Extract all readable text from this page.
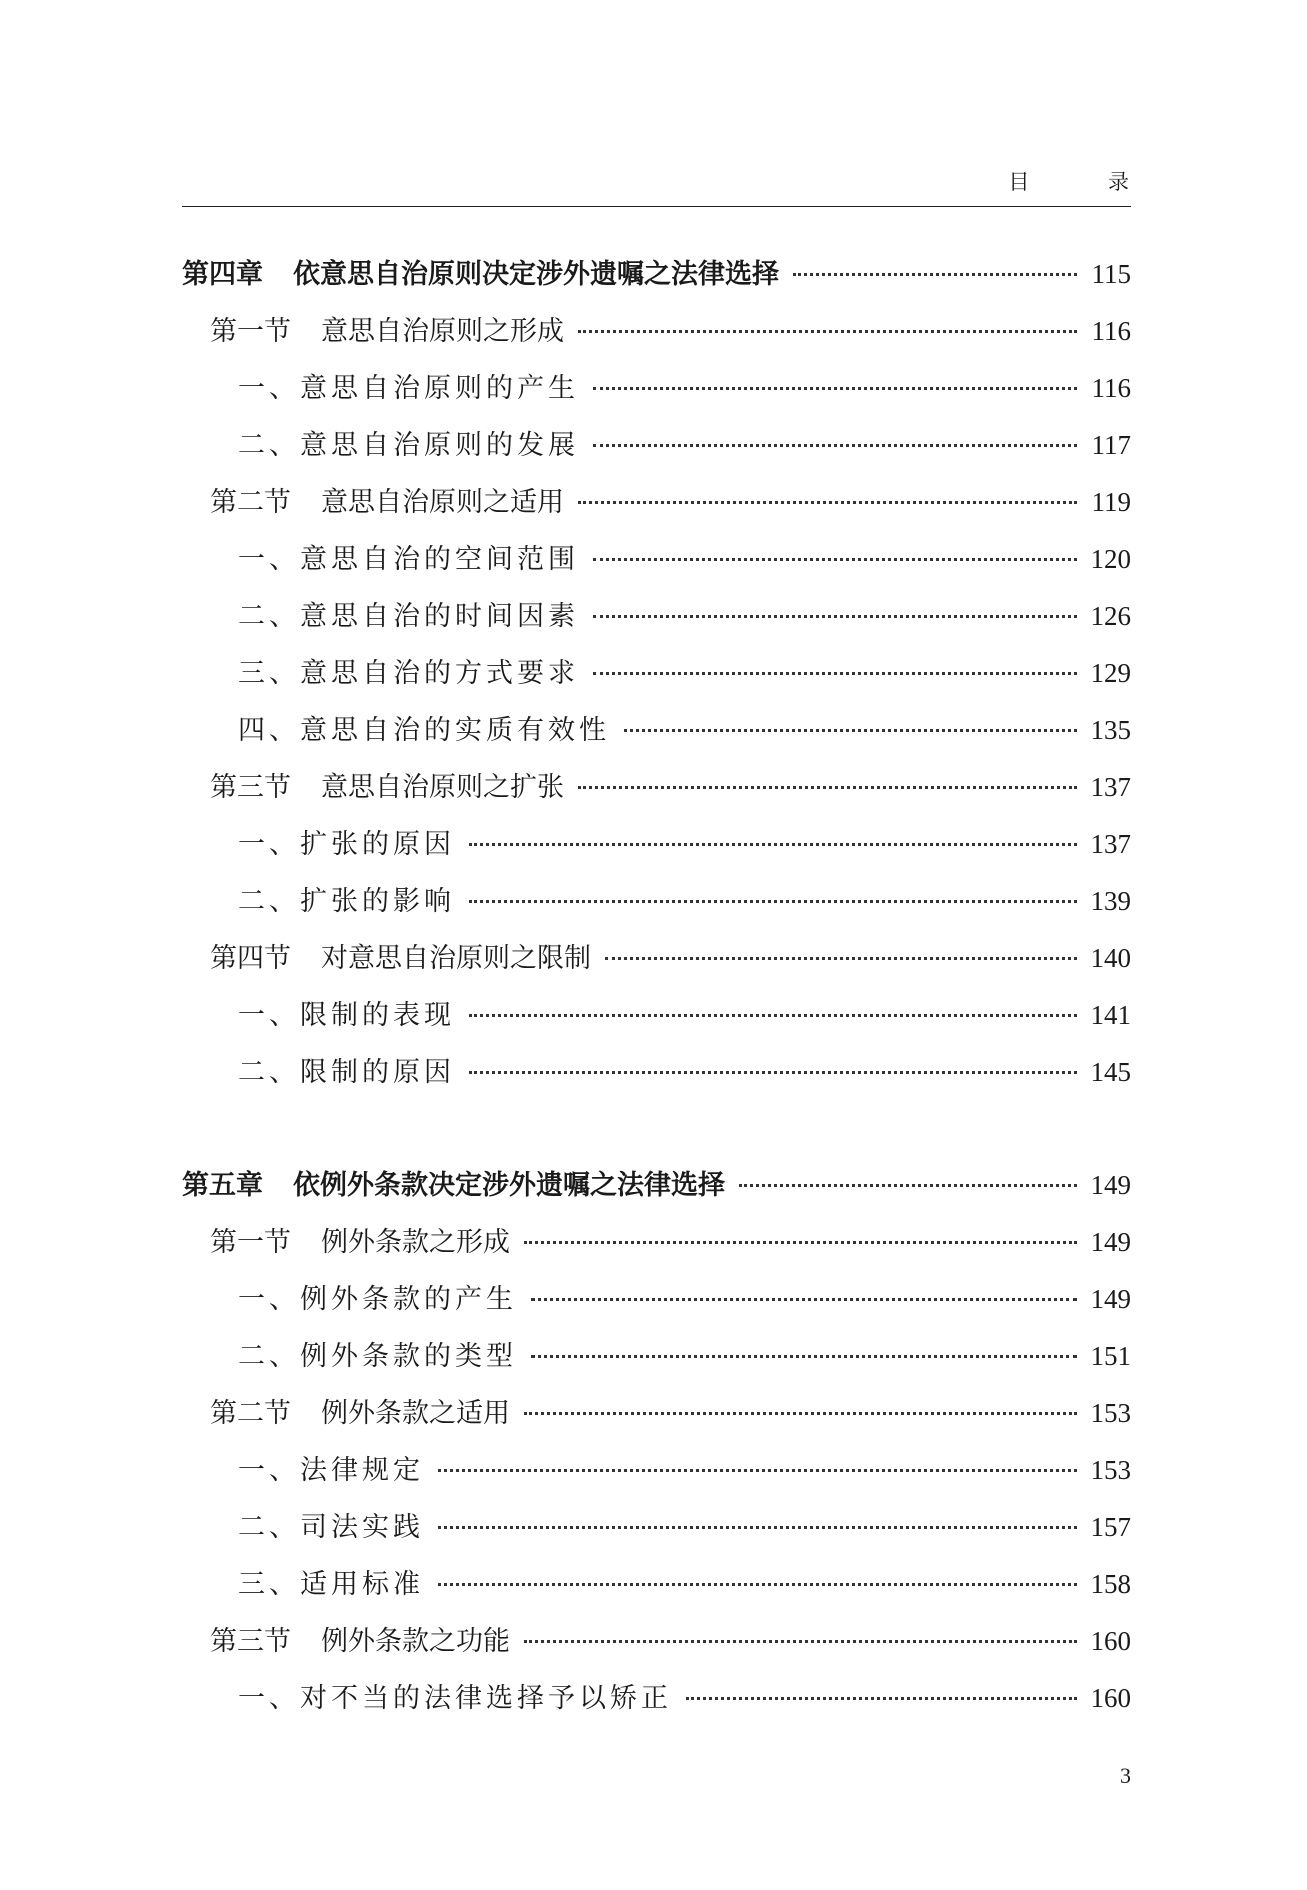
目 录
第四章 依意思自治原则决定涉外遗嘱之法律选择	115
第一节 意思自治原则之形成	116
一、 意思自治原则的产生	116
二、 意思自治原则的发展	117
第二节 意思自治原则之适用	119
一、 意思自治的空间范围	120
二、 意思自治的时间因素	126
三、 意思自治的方式要求	129
四、 意思自治的实质有效性	135
第三节 意思自治原则之扩张	137
一、 扩张的原因	137
二、 扩张的影响	139
第四节 对意思自治原则之限制	140
一、 限制的表现	141
二、 限制的原因	145
第五章 依例外条款决定涉外遗嘱之法律选择	149
第一节 例外条款之形成	149
一、 例外条款的产生	149
二、 例外条款的类型	151
第二节 例外条款之适用	153
一、 法律规定	153
二、 司法实践	157
三、 适用标准	158
第三节 例外条款之功能	160
一、 对不当的法律选择予以矫正	160
3
